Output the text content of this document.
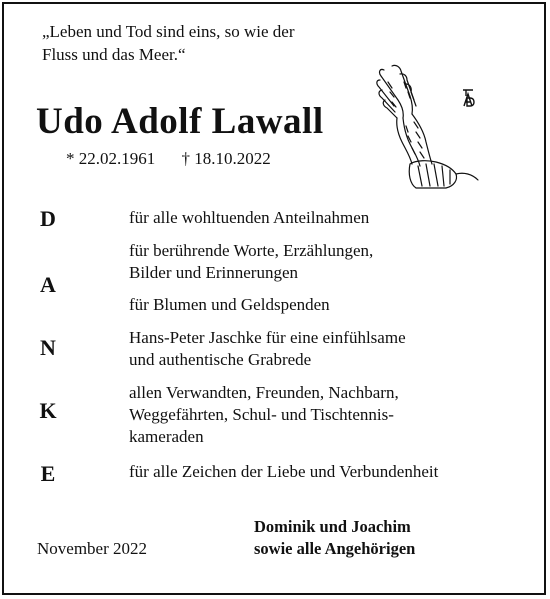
„Leben und Tod sind eins, so wie der
Fluss und das Meer.“

Udo Adolf Lawall
* 22.02.1961 † 18.10.2022
D
A
N
K
E
für alle wohltuenden Anteilnahmen
für berührende Worte, Erzählungen,
Bilder und Erinnerungen
für Blumen und Geldspenden
Hans-Peter Jaschke für eine einfühlsame
und authentische Grabrede
allen Verwandten, Freunden, Nachbarn,
Weggefährten, Schul- und Tischtennis-
kameraden
für alle Zeichen der Liebe und Verbundenheit
November 2022
Dominik und Joachim
sowie alle Angehörigen
